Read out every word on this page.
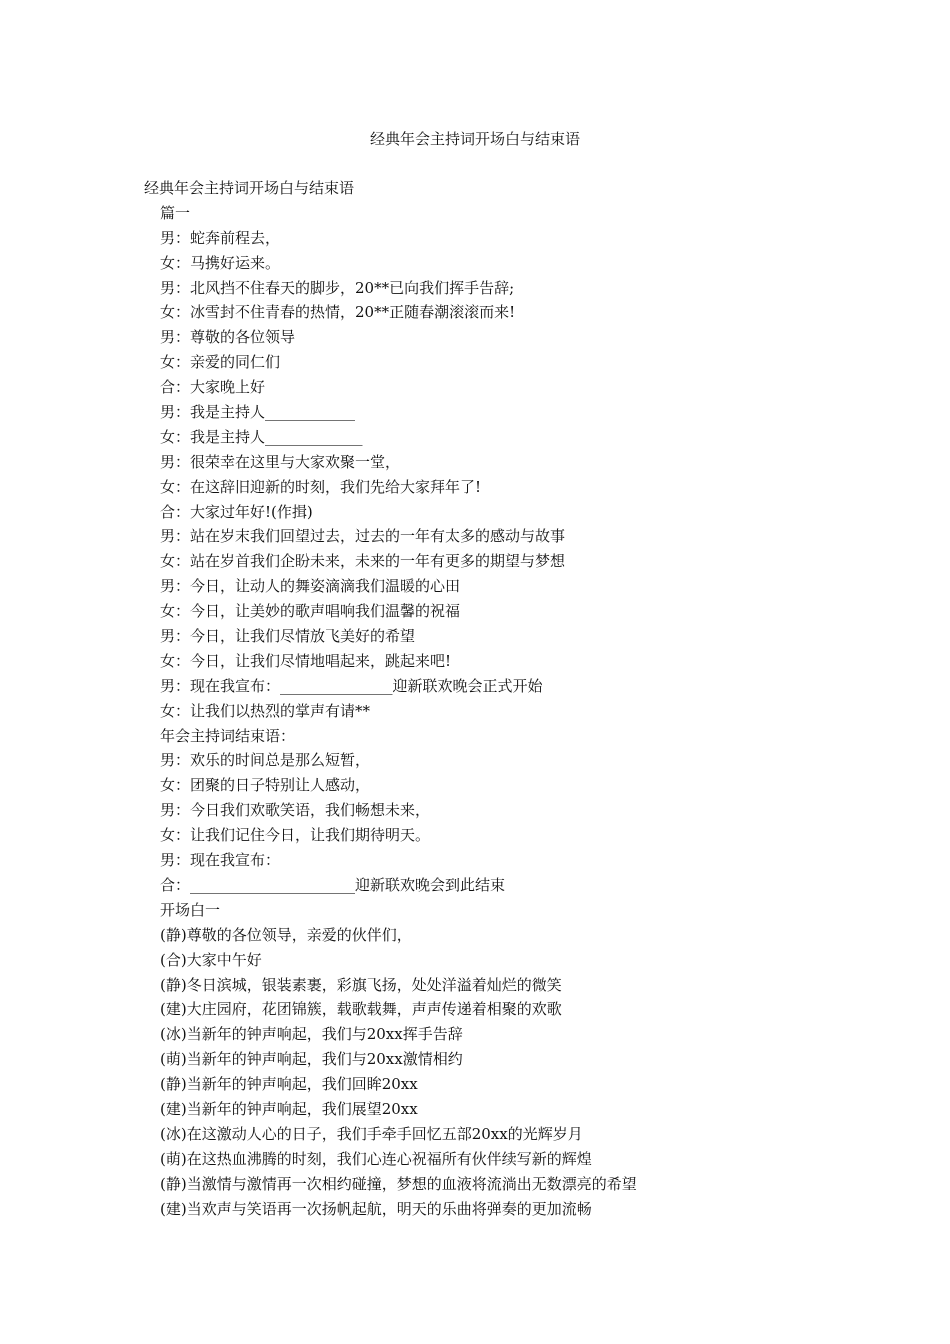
经典年会主持词开场白与结束语
经典年会主持词开场白与结束语
篇一
男：蛇奔前程去，
女：马携好运来。
男：北风挡不住春天的脚步，20**已向我们挥手告辞;
女：冰雪封不住青春的热情，20**正随春潮滚滚而来!
男：尊敬的各位领导
女：亲爱的同仁们
合：大家晚上好
男：我是主持人____________
女：我是主持人_____________
男：很荣幸在这里与大家欢聚一堂，
女：在这辞旧迎新的时刻，我们先给大家拜年了!
合：大家过年好!(作揖)
男：站在岁末我们回望过去，过去的一年有太多的感动与故事
女：站在岁首我们企盼未来，未来的一年有更多的期望与梦想
男：今日，让动人的舞姿滴滴我们温暖的心田
女：今日，让美妙的歌声唱响我们温馨的祝福
男：今日，让我们尽情放飞美好的希望
女：今日，让我们尽情地唱起来，跳起来吧!
男：现在我宣布：_______________迎新联欢晚会正式开始
女：让我们以热烈的掌声有请**
年会主持词结束语：
男：欢乐的时间总是那么短暂，
女：团聚的日子特别让人感动，
男：今日我们欢歌笑语，我们畅想未来，
女：让我们记住今日，让我们期待明天。
男：现在我宣布：
合：______________________迎新联欢晚会到此结束
开场白一
(静)尊敬的各位领导，亲爱的伙伴们，
(合)大家中午好
(静)冬日滨城，银装素裹，彩旗飞扬，处处洋溢着灿烂的微笑
(建)大庄园府，花团锦簇，载歌载舞，声声传递着相聚的欢歌
(冰)当新年的钟声响起，我们与20xx挥手告辞
(萌)当新年的钟声响起，我们与20xx激情相约
(静)当新年的钟声响起，我们回眸20xx
(建)当新年的钟声响起，我们展望20xx
(冰)在这激动人心的日子，我们手牵手回忆五部20xx的光辉岁月
(萌)在这热血沸腾的时刻，我们心连心祝福所有伙伴续写新的辉煌
(静)当激情与激情再一次相约碰撞，梦想的血液将流淌出无数漂亮的希望
(建)当欢声与笑语再一次扬帆起航，明天的乐曲将弹奏的更加流畅
